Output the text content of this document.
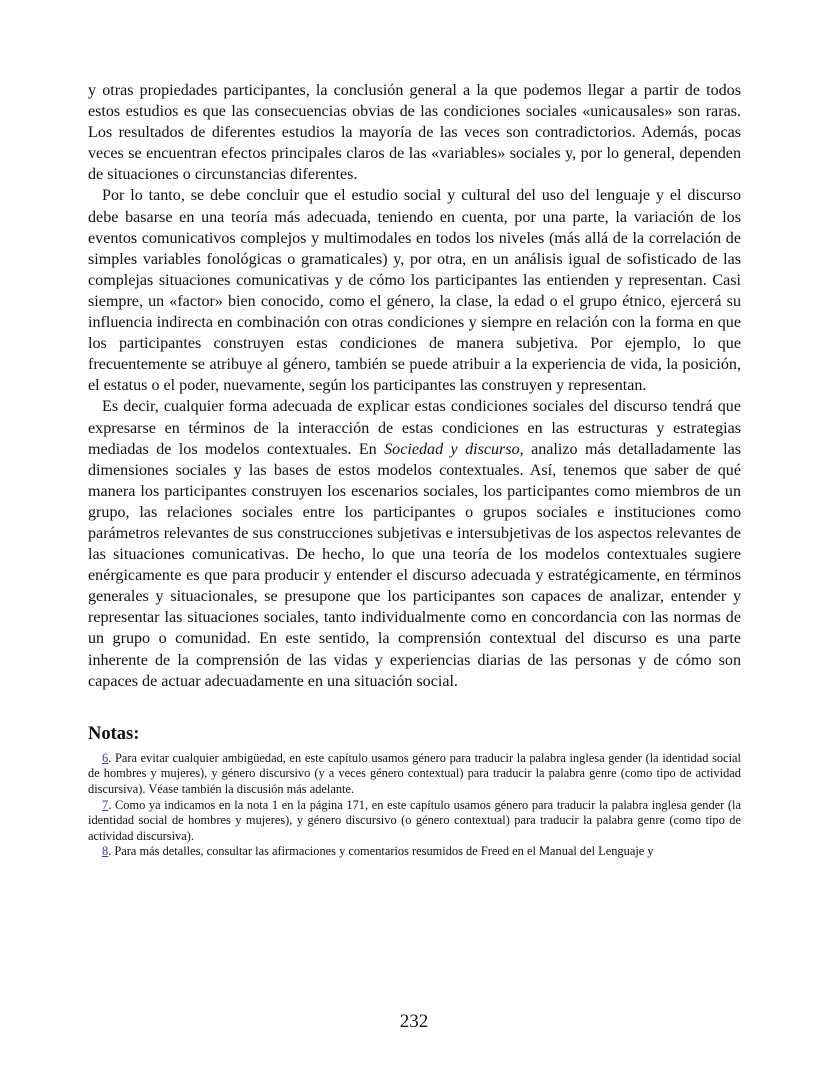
y otras propiedades participantes, la conclusión general a la que podemos llegar a partir de todos estos estudios es que las consecuencias obvias de las condiciones sociales «unicausales» son raras. Los resultados de diferentes estudios la mayoría de las veces son contradictorios. Además, pocas veces se encuentran efectos principales claros de las «variables» sociales y, por lo general, dependen de situaciones o circunstancias diferentes.

Por lo tanto, se debe concluir que el estudio social y cultural del uso del lenguaje y el discurso debe basarse en una teoría más adecuada, teniendo en cuenta, por una parte, la variación de los eventos comunicativos complejos y multimodales en todos los niveles (más allá de la correlación de simples variables fonológicas o gramaticales) y, por otra, en un análisis igual de sofisticado de las complejas situaciones comunicativas y de cómo los participantes las entienden y representan. Casi siempre, un «factor» bien conocido, como el género, la clase, la edad o el grupo étnico, ejercerá su influencia indirecta en combinación con otras condiciones y siempre en relación con la forma en que los participantes construyen estas condiciones de manera subjetiva. Por ejemplo, lo que frecuentemente se atribuye al género, también se puede atribuir a la experiencia de vida, la posición, el estatus o el poder, nuevamente, según los participantes las construyen y representan.

Es decir, cualquier forma adecuada de explicar estas condiciones sociales del discurso tendrá que expresarse en términos de la interacción de estas condiciones en las estructuras y estrategias mediadas de los modelos contextuales. En Sociedad y discurso, analizo más detalladamente las dimensiones sociales y las bases de estos modelos contextuales. Así, tenemos que saber de qué manera los participantes construyen los escenarios sociales, los participantes como miembros de un grupo, las relaciones sociales entre los participantes o grupos sociales e instituciones como parámetros relevantes de sus construcciones subjetivas e intersubjetivas de los aspectos relevantes de las situaciones comunicativas. De hecho, lo que una teoría de los modelos contextuales sugiere enérgicamente es que para producir y entender el discurso adecuada y estratégicamente, en términos generales y situacionales, se presupone que los participantes son capaces de analizar, entender y representar las situaciones sociales, tanto individualmente como en concordancia con las normas de un grupo o comunidad. En este sentido, la comprensión contextual del discurso es una parte inherente de la comprensión de las vidas y experiencias diarias de las personas y de cómo son capaces de actuar adecuadamente en una situación social.

Notas:

6. Para evitar cualquier ambigüedad, en este capítulo usamos género para traducir la palabra inglesa gender (la identidad social de hombres y mujeres), y género discursivo (y a veces género contextual) para traducir la palabra genre (como tipo de actividad discursiva). Véase también la discusión más adelante.

7. Como ya indicamos en la nota 1 en la página 171, en este capítulo usamos género para traducir la palabra inglesa gender (la identidad social de hombres y mujeres), y género discursivo (o género contextual) para traducir la palabra genre (como tipo de actividad discursiva).

8. Para más detalles, consultar las afirmaciones y comentarios resumidos de Freed en el Manual del Lenguaje y

232
